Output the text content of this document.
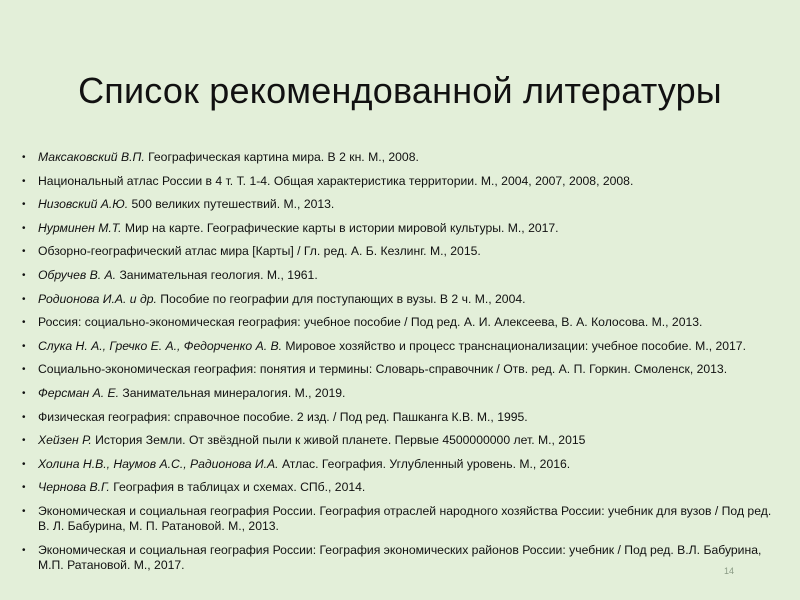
Список рекомендованной литературы
• Максаковский В.П. Географическая картина мира. В 2 кн. М., 2008.
• Национальный атлас России в 4 т. Т. 1-4. Общая характеристика территории. М., 2004, 2007, 2008, 2008.
• Низовский А.Ю. 500 великих путешествий. М., 2013.
• Нурминен М.Т. Мир на карте. Географические карты в истории мировой культуры. М., 2017.
• Обзорно-географический атлас мира [Карты] / Гл. ред. А. Б. Кезлинг. М., 2015.
• Обручев В. А. Занимательная геология. М., 1961.
• Родионова И.А. и др. Пособие по географии для поступающих в вузы. В 2 ч. М., 2004.
• Россия: социально-экономическая география: учебное пособие / Под ред. А. И. Алексеева, В. А. Колосова. М., 2013.
• Слука Н. А., Гречко Е. А., Федорченко А. В. Мировое хозяйство и процесс транснационализации: учебное пособие. М., 2017.
• Социально-экономическая география: понятия и термины: Словарь-справочник / Отв. ред. А. П. Горкин. Смоленск, 2013.
• Ферсман А. Е. Занимательная минералогия. М., 2019.
• Физическая география: справочное пособие. 2 изд. / Под ред. Пашканга К.В. М., 1995.
• Хейзен Р. История Земли. От звёздной пыли к живой планете. Первые 4500000000 лет. М., 2015
• Холина Н.В., Наумов А.С., Радионова И.А. Атлас. География. Углубленный уровень. М., 2016.
• Чернова В.Г. География в таблицах и схемах. СПб., 2014.
• Экономическая и социальная география России. География отраслей народного хозяйства России: учебник для вузов / Под ред. В. Л. Бабурина, М. П. Ратановой. М., 2013.
• Экономическая и социальная география России: География экономических районов России: учебник / Под ред. В.Л. Бабурина, М.П. Ратановой. М., 2017.	14
